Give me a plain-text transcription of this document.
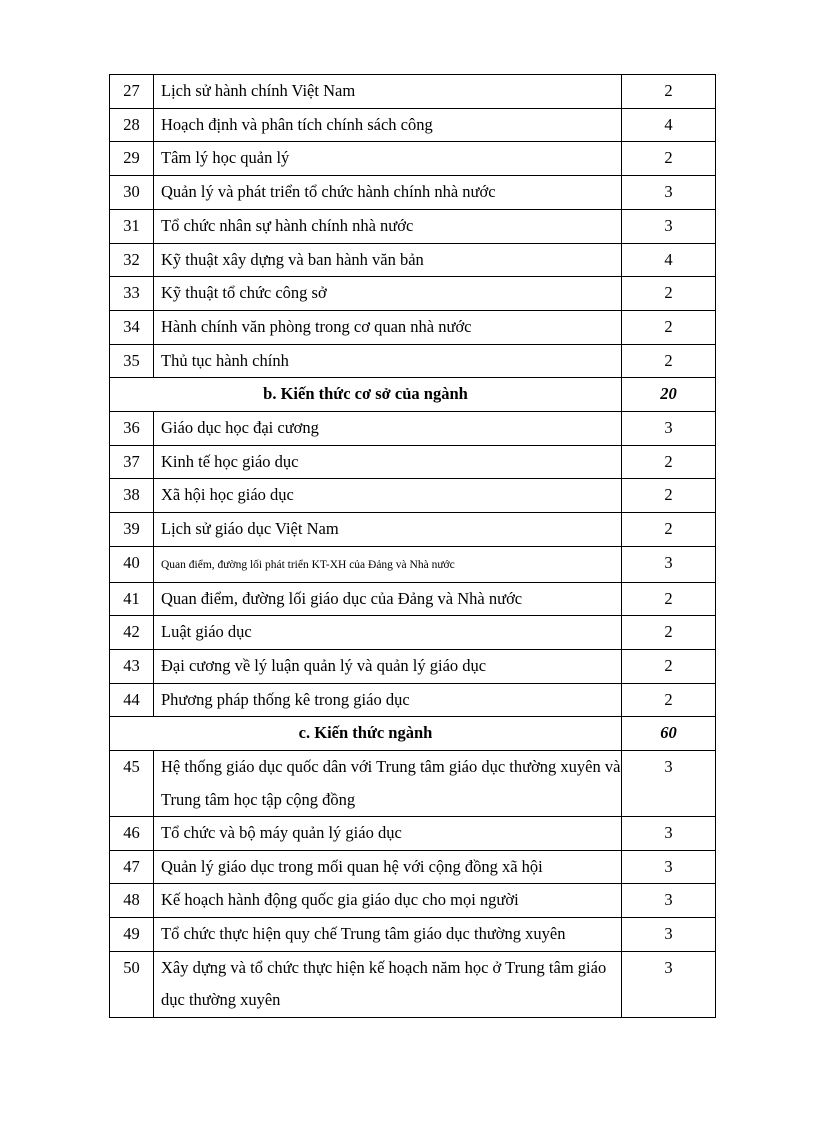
27	Lịch sử hành chính Việt Nam	2
28	Hoạch định và phân tích chính sách công	4
29	Tâm lý học quản lý	2
30	Quản lý và phát triển tổ chức hành chính nhà nước	3
31	Tổ chức nhân sự hành chính nhà nước	3
32	Kỹ thuật xây dựng và ban hành văn bản	4
33	Kỹ thuật tổ chức công sở	2
34	Hành chính văn phòng trong cơ quan nhà nước	2
35	Thủ tục hành chính	2
b. Kiến thức cơ sở của ngành		20
36	Giáo dục học đại cương	3
37	Kinh tế học giáo dục	2
38	Xã hội học giáo dục	2
39	Lịch sử giáo dục Việt Nam	2
40	Quan điểm, đường lối phát triển KT-XH của Đảng và Nhà nước	3
41	Quan điểm, đường lối giáo dục của Đảng và Nhà nước	2
42	Luật giáo dục	2
43	Đại cương về lý luận quản lý và quản lý giáo dục	2
44	Phương pháp thống kê trong giáo dục	2
c. Kiến thức ngành		60
45	Hệ thống giáo dục quốc dân với Trung tâm giáo dục thường xuyên và Trung tâm học tập cộng đồng	3
46	Tổ chức và bộ máy quản lý giáo dục	3
47	Quản lý giáo dục trong mối quan hệ với cộng đồng xã hội	3
48	Kế hoạch hành động quốc gia giáo dục cho mọi người	3
49	Tổ chức thực hiện quy chế Trung tâm giáo dục thường xuyên	3
50	Xây dựng và tổ chức thực hiện kế hoạch năm học ở Trung tâm giáo dục thường xuyên	3
